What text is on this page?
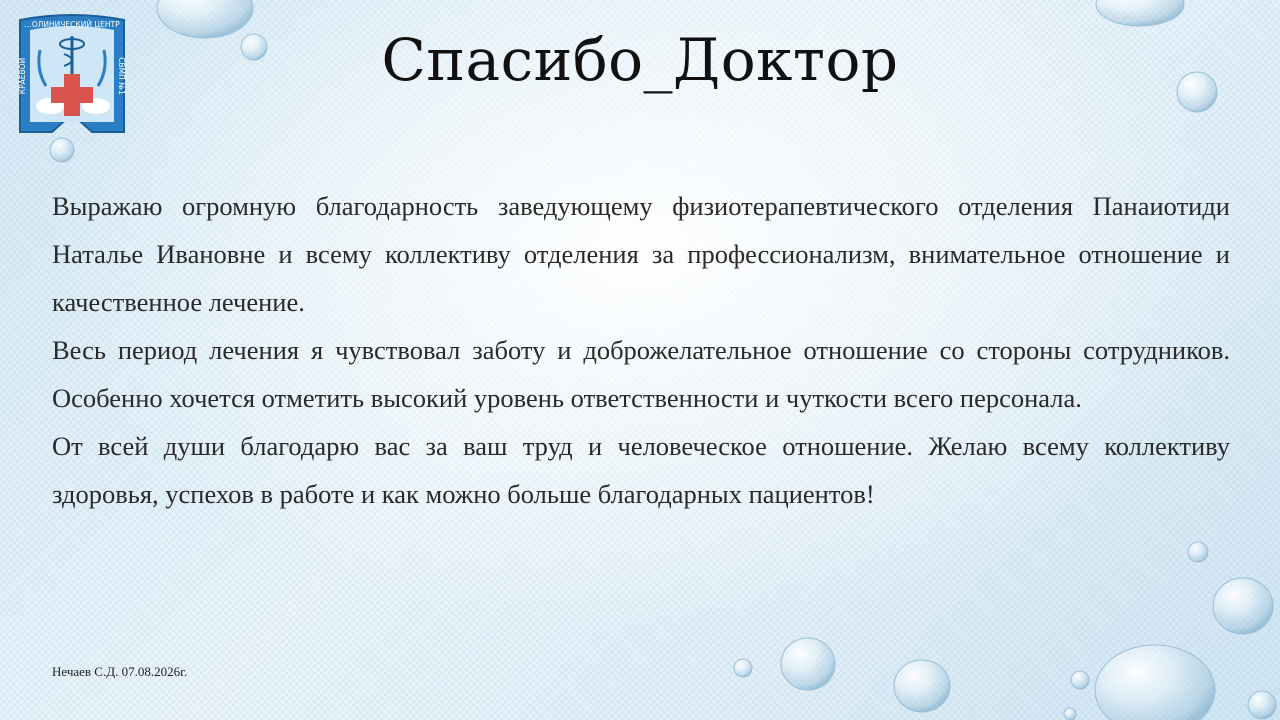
…ОЛИНИЧЕСКИЙ ЦЕНТР
СВМП №1
КРАЕВОЙ	Спасибо_Доктор

Выражаю огромную благодарность заведующему физиотерапевтического отделения Панаиотиди Наталье Ивановне и всему коллективу отделения за профессионализм, внимательное отношение и качественное лечение.

Весь период лечения я чувствовал заботу и доброжелательное отношение со стороны сотрудников. Особенно хочется отметить высокий уровень ответственности и чуткости всего персонала.

От всей души благодарю вас за ваш труд и человеческое отношение. Желаю всему коллективу здоровья, успехов в работе и как можно больше благодарных пациентов!

Нечаев С.Д. 07.08.2026г.
